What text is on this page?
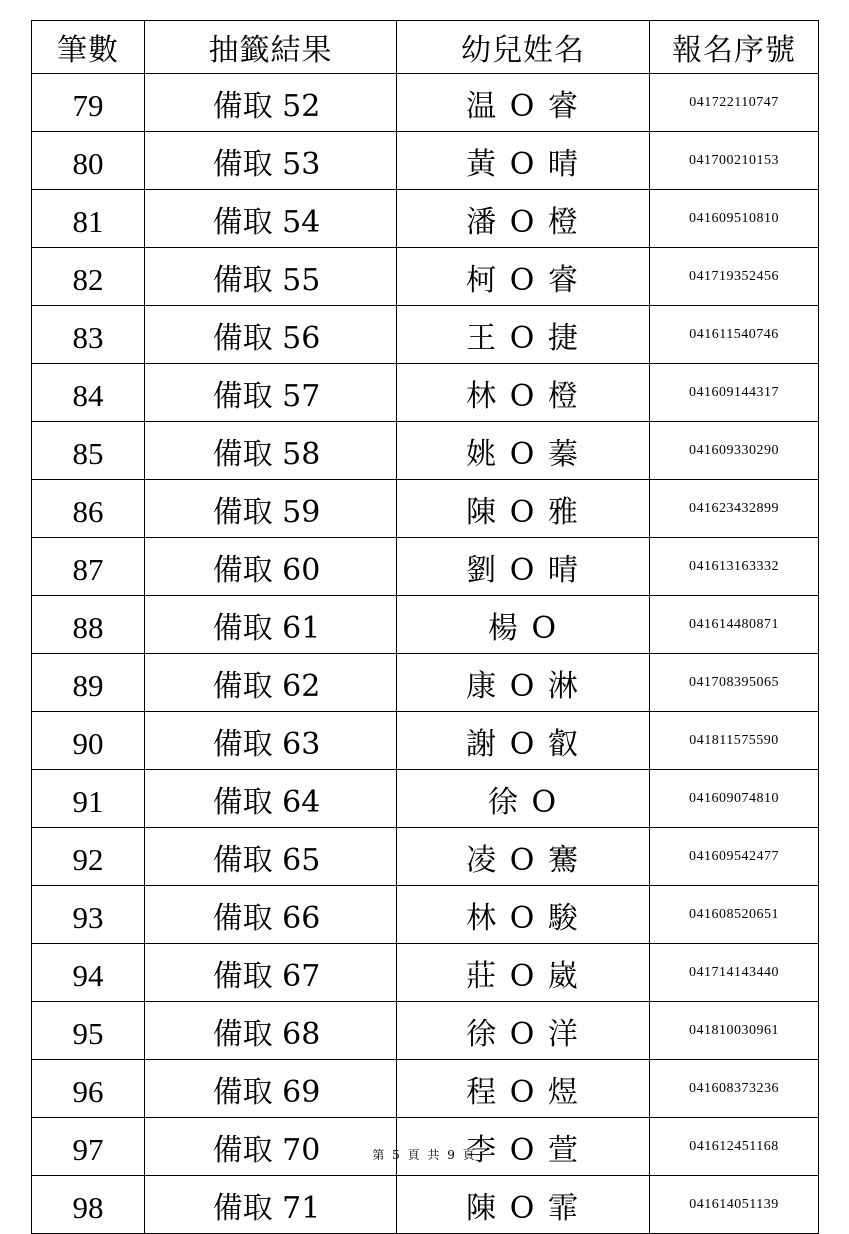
筆數	抽籤結果	幼兒姓名	報名序號
79	備取 52	温 O 睿	041722110747
80	備取 53	黃 O 晴	041700210153
81	備取 54	潘 O 橙	041609510810
82	備取 55	柯 O 睿	041719352456
83	備取 56	王 O 捷	041611540746
84	備取 57	林 O 橙	041609144317
85	備取 58	姚 O 蓁	041609330290
86	備取 59	陳 O 雅	041623432899
87	備取 60	劉 O 晴	041613163332
88	備取 61	楊 O	041614480871
89	備取 62	康 O 淋	041708395065
90	備取 63	謝 O 叡	041811575590
91	備取 64	徐 O	041609074810
92	備取 65	凌 O 騫	041609542477
93	備取 66	林 O 駿	041608520651
94	備取 67	莊 O 崴	041714143440
95	備取 68	徐 O 洋	041810030961
96	備取 69	程 O 煜	041608373236
97	備取 70	李 O 萱	041612451168
98	備取 71	陳 O 霏	041614051139
第 5 頁 共 9 頁
